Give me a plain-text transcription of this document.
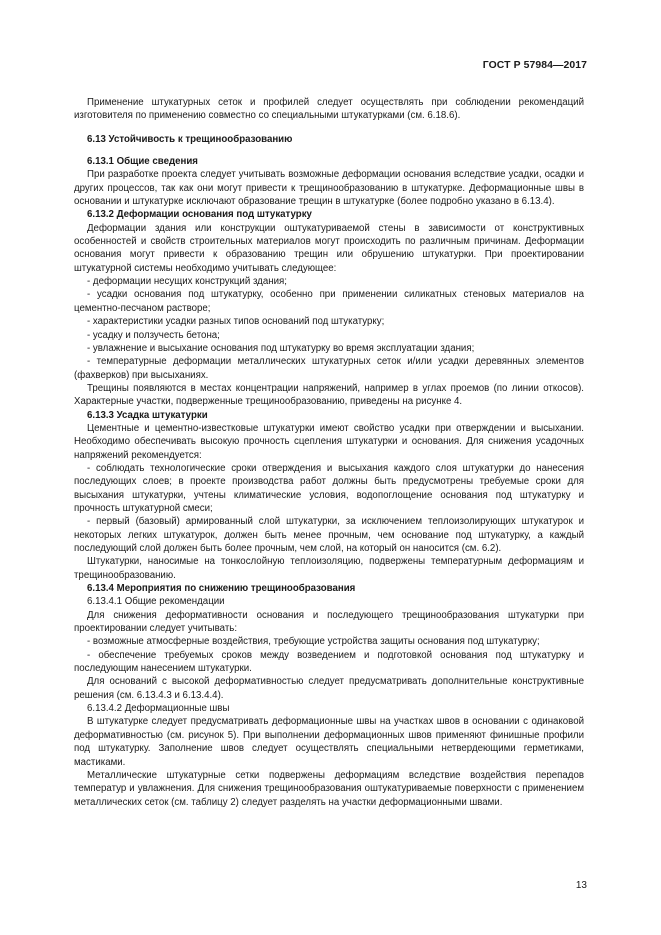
ГОСТ Р 57984—2017

Применение штукатурных сеток и профилей следует осуществлять при соблюдении рекомендаций изготовителя по применению совместно со специальными штукатурками (см. 6.18.6).

6.13 Устойчивость к трещинообразованию
6.13.1 Общие сведения

При разработке проекта следует учитывать возможные деформации основания вследствие усадки, осадки и других процессов, так как они могут привести к трещинообразованию в штукатурке. Деформационные швы в основании и штукатурке исключают образование трещин в штукатурке (более подробно указано в 6.13.4).

6.13.2 Деформации основания под штукатурку

Деформации здания или конструкции оштукатуриваемой стены в зависимости от конструктивных особенностей и свойств строительных материалов могут происходить по различным причинам. Деформации основания могут привести к образованию трещин или обрушению штукатурки. При проектировании штукатурной системы необходимо учитывать следующее:

- деформации несущих конструкций здания;

- усадки основания под штукатурку, особенно при применении силикатных стеновых материалов на цементно-песчаном растворе;

- характеристики усадки разных типов оснований под штукатурку;

- усадку и ползучесть бетона;

- увлажнение и высыхание основания под штукатурку во время эксплуатации здания;

- температурные деформации металлических штукатурных сеток и/или усадки деревянных элементов (фахверков) при высыханиях.

Трещины появляются в местах концентрации напряжений, например в углах проемов (по линии откосов). Характерные участки, подверженные трещинообразованию, приведены на рисунке 4.

6.13.3 Усадка штукатурки

Цементные и цементно-известковые штукатурки имеют свойство усадки при отверждении и высыхании. Необходимо обеспечивать высокую прочность сцепления штукатурки и основания. Для снижения усадочных напряжений рекомендуется:

- соблюдать технологические сроки отверждения и высыхания каждого слоя штукатурки до нанесения последующих слоев; в проекте производства работ должны быть предусмотрены требуемые сроки для высыхания штукатурки, учтены климатические условия, водопоглощение основания под штукатурку и прочность штукатурной смеси;

- первый (базовый) армированный слой штукатурки, за исключением теплоизолирующих штукатурок и некоторых легких штукатурок, должен быть менее прочным, чем основание под штукатурку, а каждый последующий слой должен быть более прочным, чем слой, на который он наносится (см. 6.2).

Штукатурки, наносимые на тонкослойную теплоизоляцию, подвержены температурным деформациям и трещинообразованию.

6.13.4 Мероприятия по снижению трещинообразования
6.13.4.1 Общие рекомендации

Для снижения деформативности основания и последующего трещинообразования штукатурки при проектировании следует учитывать:

- возможные атмосферные воздействия, требующие устройства защиты основания под штукатурку;

- обеспечение требуемых сроков между возведением и подготовкой основания под штукатурку и последующим нанесением штукатурки.

Для оснований с высокой деформативностью следует предусматривать дополнительные конструктивные решения (см. 6.13.4.3 и 6.13.4.4).

6.13.4.2 Деформационные швы

В штукатурке следует предусматривать деформационные швы на участках швов в основании с одинаковой деформативностью (см. рисунок 5). При выполнении деформационных швов применяют финишные профили под штукатурку. Заполнение швов следует осуществлять специальными нетвердеющими герметиками, мастиками.

Металлические штукатурные сетки подвержены деформациям вследствие воздействия перепадов температур и увлажнения. Для снижения трещинообразования оштукатуриваемые поверхности с применением металлических сеток (см. таблицу 2) следует разделять на участки деформационными швами.

13
